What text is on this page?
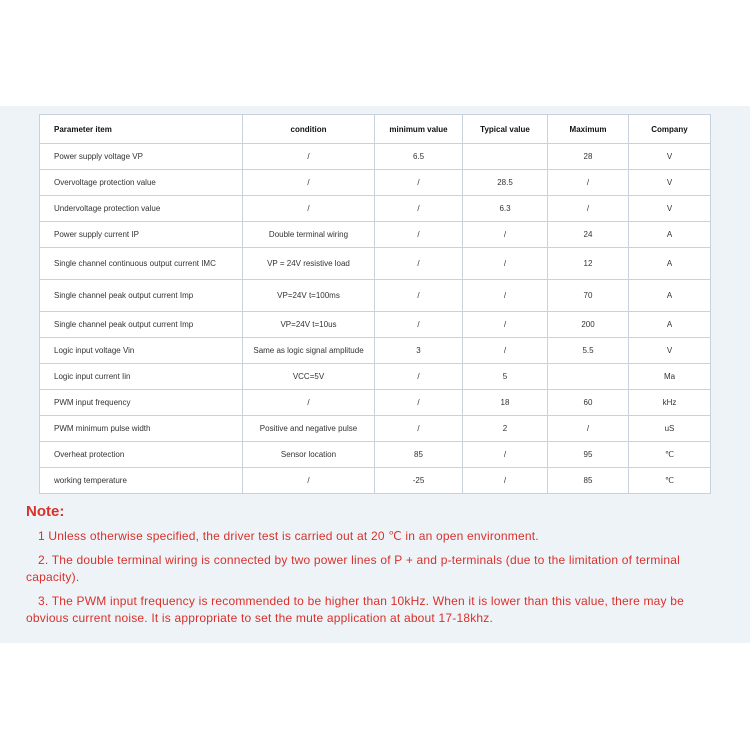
Parameter item	condition	minimum value	Typical value	Maximum	Company
Power supply voltage VP	/	6.5		28	V
Overvoltage protection value	/	/	28.5	/	V
Undervoltage protection value	/	/	6.3	/	V
Power supply current IP	Double terminal wiring	/	/	24	A
Single channel continuous output current IMC	VP = 24V resistive load	/	/	12	A
Single channel peak output current Imp	VP=24V t=100ms	/	/	70	A
Single channel peak output current Imp	VP=24V t=10us	/	/	200	A
Logic input voltage Vin	Same as logic signal amplitude	3	/	5.5	V
Logic input current Iin	VCC=5V	/	5		Ma
PWM input frequency	/	/	18	60	kHz
PWM minimum pulse width	Positive and negative pulse	/	2	/	uS
Overheat protection	Sensor location	85	/	95	℃
working temperature	/	-25	/	85	℃
Note:
1 Unless otherwise specified, the driver test is carried out at 20 ℃ in an open environment.
2. The double terminal wiring is connected by two power lines of P + and p-terminals (due to the limitation of terminal capacity).
3. The PWM input frequency is recommended to be higher than 10kHz. When it is lower than this value, there may be obvious current noise. It is appropriate to set the mute application at about 17-18khz.
